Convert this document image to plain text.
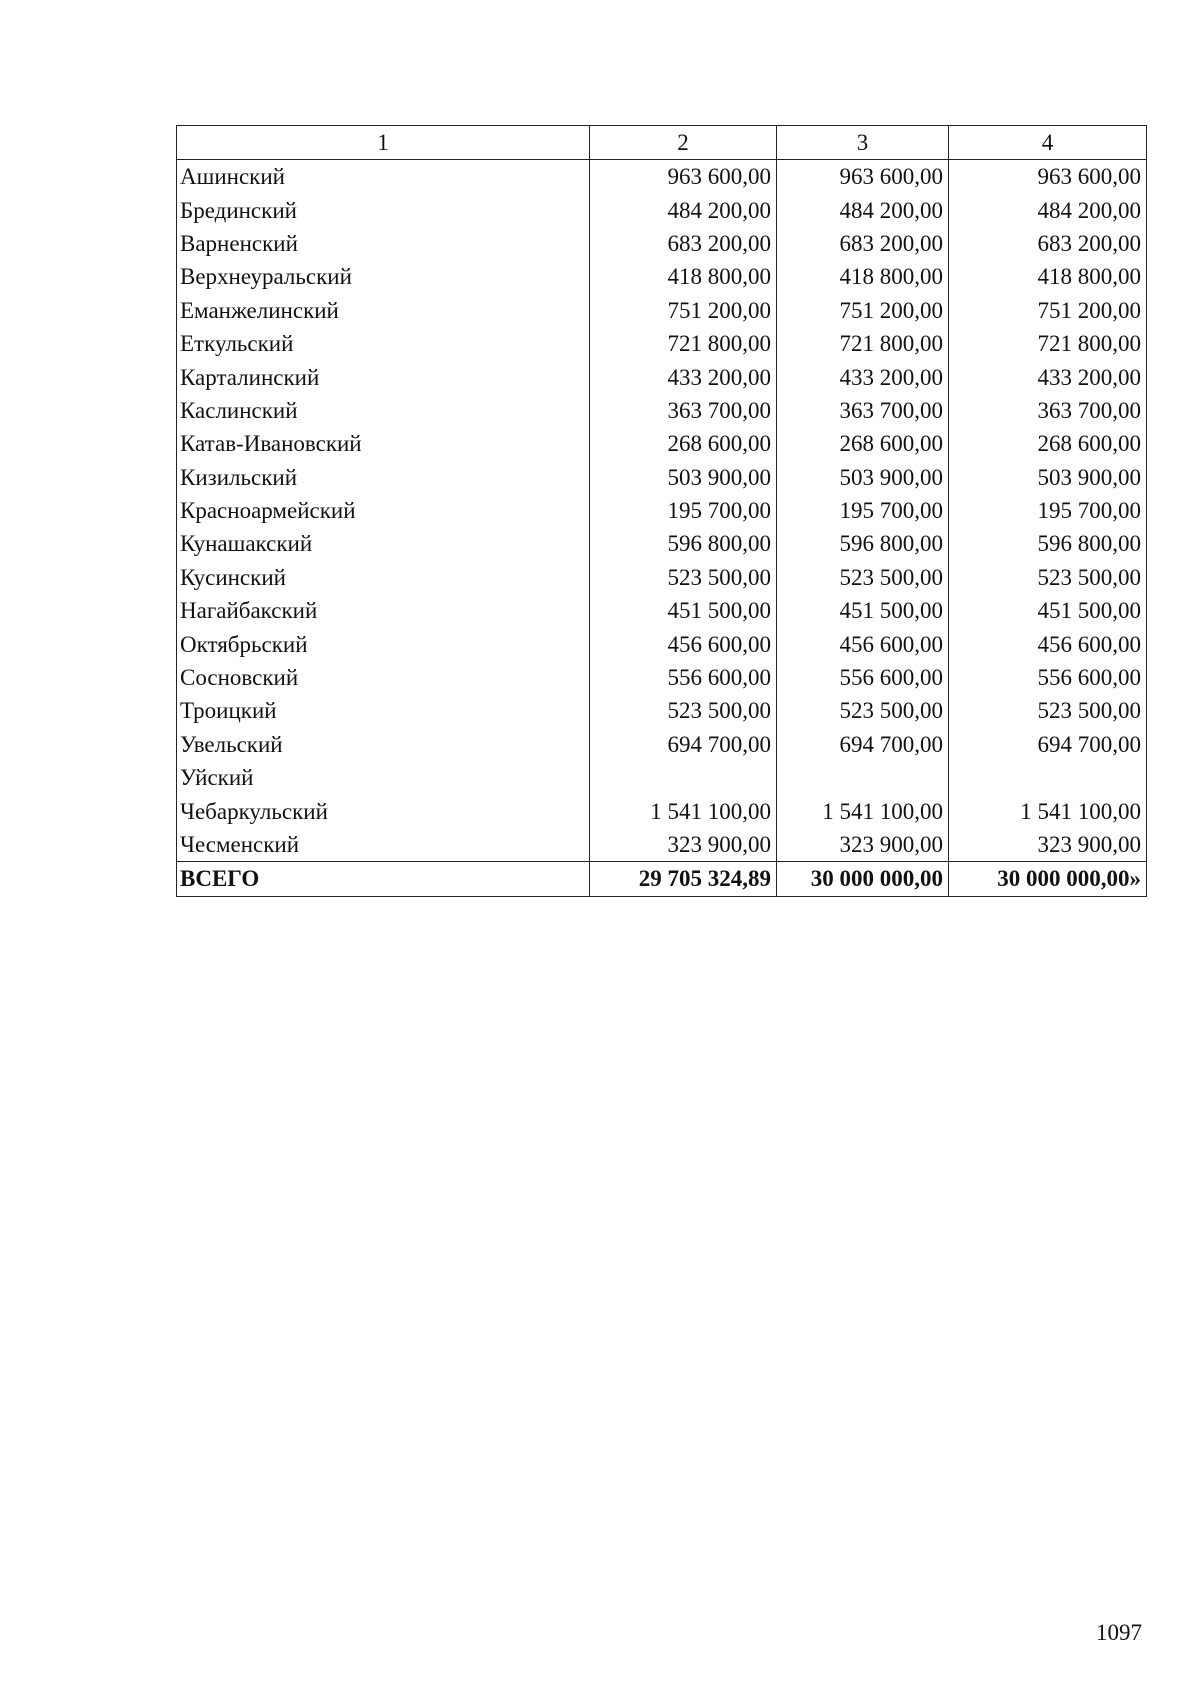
1	2	3	4
Ашинский	963 600,00	963 600,00	963 600,00
Брединский	484 200,00	484 200,00	484 200,00
Варненский	683 200,00	683 200,00	683 200,00
Верхнеуральский	418 800,00	418 800,00	418 800,00
Еманжелинский	751 200,00	751 200,00	751 200,00
Еткульский	721 800,00	721 800,00	721 800,00
Карталинский	433 200,00	433 200,00	433 200,00
Каслинский	363 700,00	363 700,00	363 700,00
Катав-Ивановский	268 600,00	268 600,00	268 600,00
Кизильский	503 900,00	503 900,00	503 900,00
Красноармейский	195 700,00	195 700,00	195 700,00
Кунашакский	596 800,00	596 800,00	596 800,00
Кусинский	523 500,00	523 500,00	523 500,00
Нагайбакский	451 500,00	451 500,00	451 500,00
Октябрьский	456 600,00	456 600,00	456 600,00
Сосновский	556 600,00	556 600,00	556 600,00
Троицкий	523 500,00	523 500,00	523 500,00
Увельский	694 700,00	694 700,00	694 700,00
Уйский			
Чебаркульский	1 541 100,00	1 541 100,00	1 541 100,00
Чесменский	323 900,00	323 900,00	323 900,00
ВСЕГО	29 705 324,89	30 000 000,00	30 000 000,00»
1097
